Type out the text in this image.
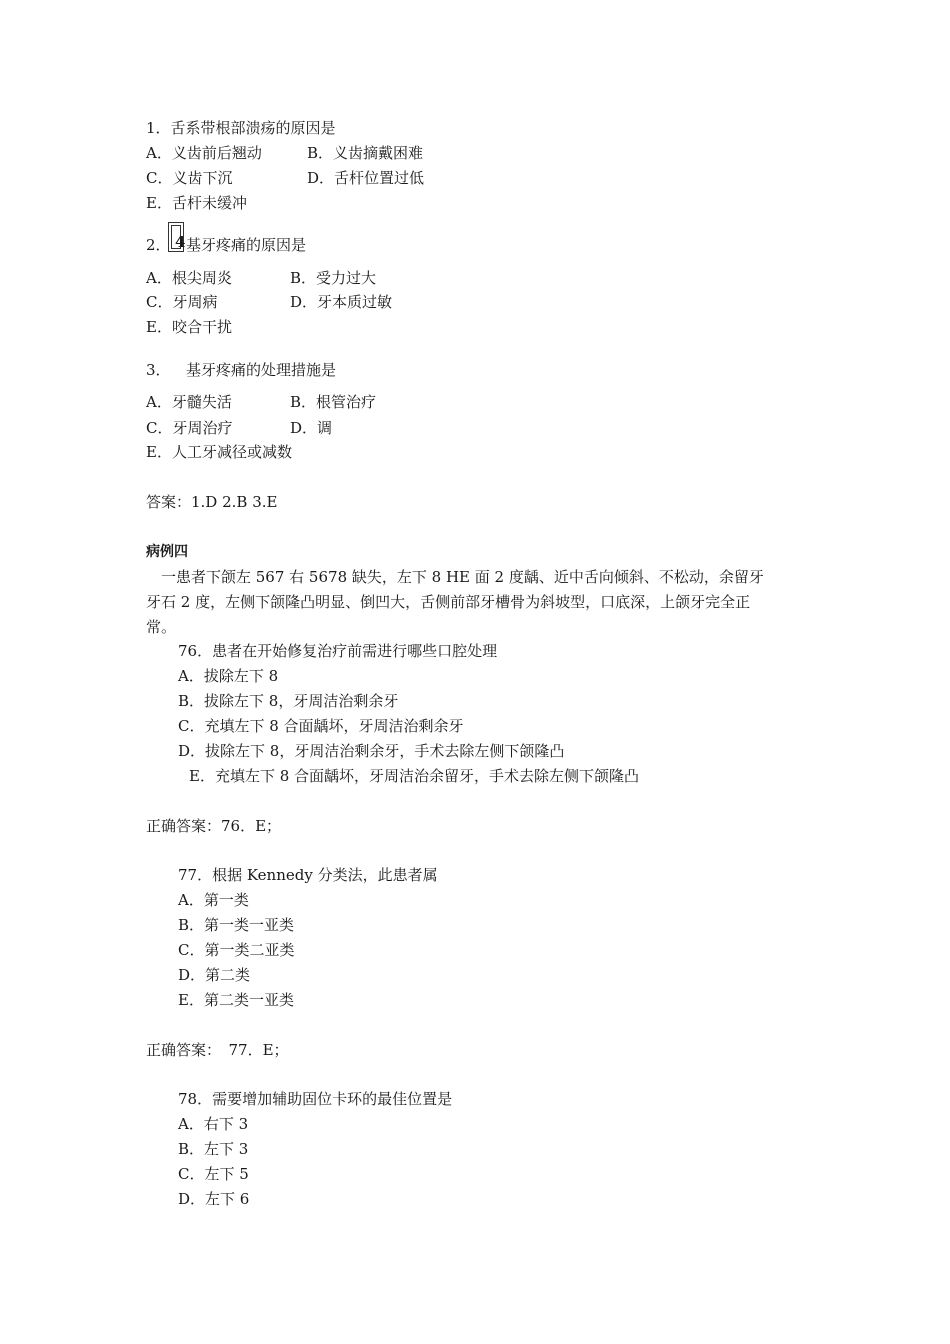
1．舌系带根部溃疡的原因是
A．义齿前后翘动	B．义齿摘戴困难
C．义齿下沉	D．舌杆位置过低
E．舌杆未缓冲
2． 4 基牙疼痛的原因是
A．根尖周炎	B．受力过大
C．牙周病	D．牙本质过敏
E．咬合干扰
3． 基牙疼痛的处理措施是
A．牙髓失活	B．根管治疗
C．牙周治疗	D．调
E．人工牙减径或减数
答案：1.D 2.B 3.E
病例四
一患者下颌左 567 右 5678 缺失，左下 8 HE 面 2 度龋、近中舌向倾斜、不松动，余留牙
牙石 2 度，左侧下颌隆凸明显、倒凹大，舌侧前部牙槽骨为斜坡型，口底深，上颌牙完全正
常。
76．患者在开始修复治疗前需进行哪些口腔处理
A．拔除左下 8
B．拔除左下 8，牙周洁治剩余牙
C．充填左下 8 合面龋坏，牙周洁治剩余牙
D．拔除左下 8，牙周洁治剩余牙，手术去除左侧下颌隆凸
E．充填左下 8 合面龋坏，牙周洁治余留牙，手术去除左侧下颌隆凸
正确答案：76．E；
77．根据 Kennedy 分类法，此患者属
A．第一类
B．第一类一亚类
C．第一类二亚类
D．第二类
E．第二类一亚类
正确答案：　77．E；
78．需要增加辅助固位卡环的最佳位置是
A．右下 3
B．左下 3
C．左下 5
D．左下 6
